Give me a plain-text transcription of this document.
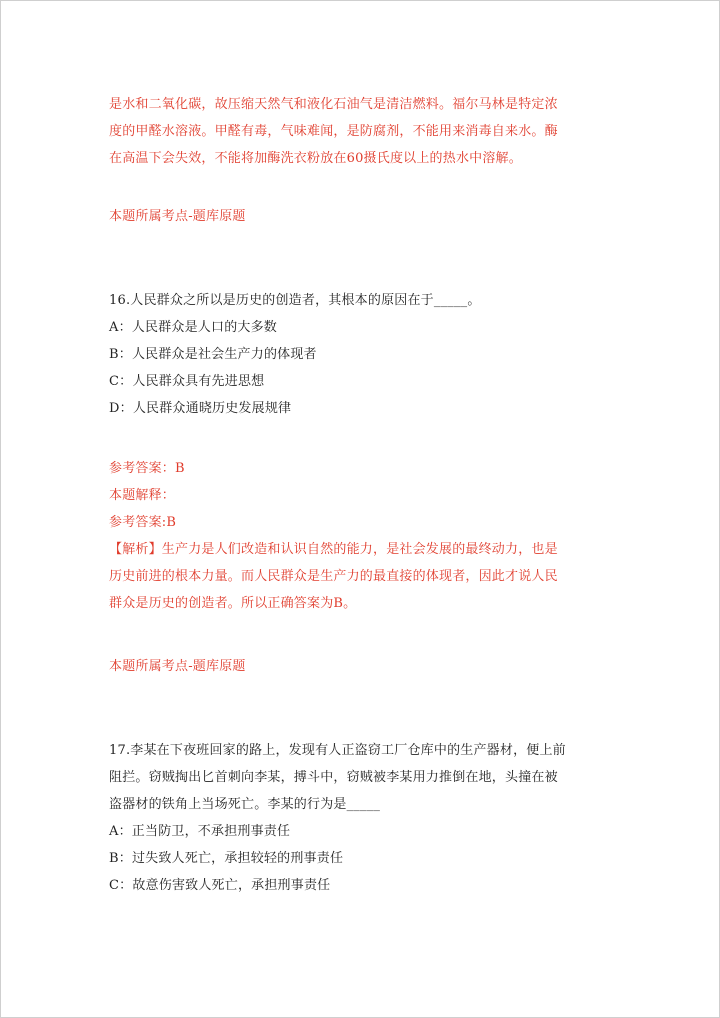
是水和二氧化碳，故压缩天然气和液化石油气是清洁燃料。福尔马林是特定浓
度的甲醛水溶液。甲醛有毒，气味难闻，是防腐剂，不能用来消毒自来水。酶
在高温下会失效，不能将加酶洗衣粉放在60摄氏度以上的热水中溶解。
本题所属考点-题库原题
16.人民群众之所以是历史的创造者，其根本的原因在于_____。
A：人民群众是人口的大多数
B：人民群众是社会生产力的体现者
C：人民群众具有先进思想
D：人民群众通晓历史发展规律
参考答案：B
本题解释：
参考答案:B
【解析】生产力是人们改造和认识自然的能力，是社会发展的最终动力，也是
历史前进的根本力量。而人民群众是生产力的最直接的体现者，因此才说人民
群众是历史的创造者。所以正确答案为B。
本题所属考点-题库原题
17.李某在下夜班回家的路上，发现有人正盗窃工厂仓库中的生产器材，便上前
阻拦。窃贼掏出匕首刺向李某，搏斗中，窃贼被李某用力推倒在地，头撞在被
盗器材的铁角上当场死亡。李某的行为是_____
A：正当防卫，不承担刑事责任
B：过失致人死亡，承担较轻的刑事责任
C：故意伤害致人死亡，承担刑事责任
